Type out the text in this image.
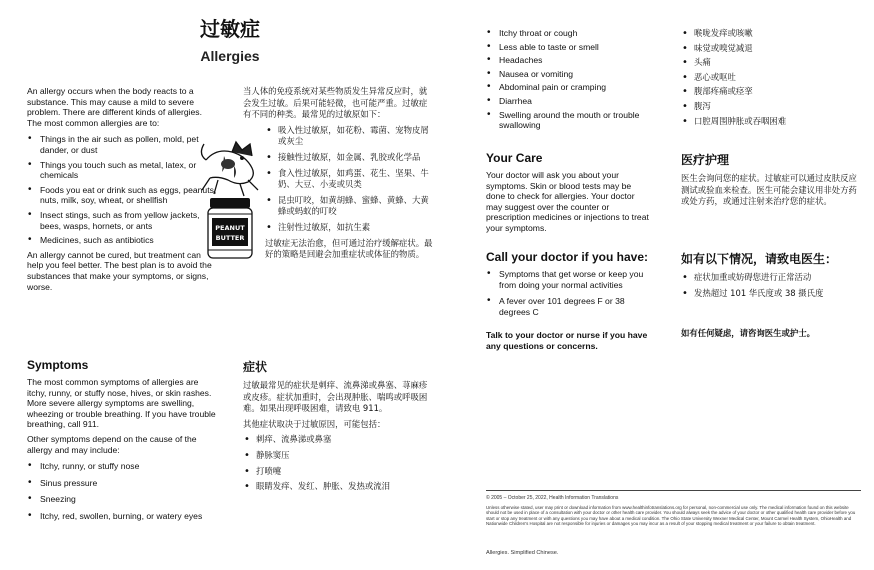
过敏症
Allergies

An allergy occurs when the body reacts to a substance. This may cause a mild to severe problem. There are different kinds of allergies. The most common allergies are to:

• Things in the air such as pollen, mold, pet dander, or dust
• Things you touch such as metal, latex, or chemicals
• Foods you eat or drink such as eggs, peanuts, nuts, milk, soy, wheat, or shellfish
• Insect stings, such as from yellow jackets, bees, wasps, hornets, or ants
• Medicines, such as antibiotics

An allergy cannot be cured, but treatment can help you feel better. The best plan is to avoid the substances that make your symptoms, or signs, worse.

当人体的免疫系统对某些物质发生异常反应时，就会发生过敏。后果可能轻微，也可能严重。过敏症有不同的种类。最常见的过敏原如下：

• 吸入性过敏原，如花粉、霉菌、宠物皮屑或灰尘
• 接触性过敏原，如金属、乳胶或化学品
• 食入性过敏原，如鸡蛋、花生、坚果、牛奶、大豆、小麦或贝类
• 昆虫叮咬，如黄胡蜂、蜜蜂、黄蜂、大黄蜂或蚂蚁的叮咬
• 注射性过敏原，如抗生素

过敏症无法治愈，但可通过治疗缓解症状。最好的策略是回避会加重症状或体征的物质。

PEANUT
BUTTER
Symptoms

The most common symptoms of allergies are itchy, runny, or stuffy nose, hives, or skin rashes. More severe allergy symptoms are swelling, wheezing or trouble breathing. If you have trouble breathing, call 911.

Other symptoms depend on the cause of the allergy and may include:

• Itchy, runny, or stuffy nose
• Sinus pressure
• Sneezing
• Itchy, red, swollen, burning, or watery eyes
症状

过敏最常见的症状是刺痒、流鼻涕或鼻塞、荨麻疹或皮疹。症状加重时，会出现肿胀、喘鸣或呼吸困难。如果出现呼吸困难，请致电 911。

其他症状取决于过敏原因，可能包括：

• 刺痒、流鼻涕或鼻塞
• 静脉窦压
• 打喷嚏
• 眼睛发痒、发红、肿胀、发热或流泪
• Itchy throat or cough
• Less able to taste or smell
• Headaches
• Nausea or vomiting
• Abdominal pain or cramping
• Diarrhea
• Swelling around the mouth or trouble swallowing
• 喉咙发痒或咳嗽
• 味觉或嗅觉减退
• 头痛
• 恶心或呕吐
• 腹部疼痛或痉挛
• 腹泻
• 口腔周围肿胀或吞咽困难
Your Care

Your doctor will ask you about your symptoms. Skin or blood tests may be done to check for allergies. Your doctor may suggest over the counter or prescription medicines or injections to treat your symptoms.

医疗护理

医生会询问您的症状。过敏症可以通过皮肤反应测试或验血来检查。医生可能会建议用非处方药或处方药，或通过注射来治疗您的症状。

Call your doctor if you have:
• Symptoms that get worse or keep you from doing your normal activities
• A fever over 101 degrees F or 38 degrees C
如有以下情况，请致电医生：
• 症状加重或妨碍您进行正常活动
• 发热超过 101 华氏度或 38 摄氏度
Talk to your doctor or nurse if you have any questions or concerns.
如有任何疑虑，请咨询医生或护士。

© 2005 – October 25, 2022, Health Information Translations

Unless otherwise stated, user may print or download information from www.healthinfotranslations.org for personal, non-commercial use only. The medical information found on this website should not be used in place of a consultation with your doctor or other health care provider. You should always seek the advice of your doctor or other qualified health care provider before you start or stop any treatment or with any questions you may have about a medical condition. The Ohio State University Wexner Medical Center, Mount Carmel Health System, OhioHealth and Nationwide Children's Hospital are not responsible for injuries or damages you may incur as a result of your stopping medical treatment or your failure to obtain treatment.

Allergies. Simplified Chinese.
